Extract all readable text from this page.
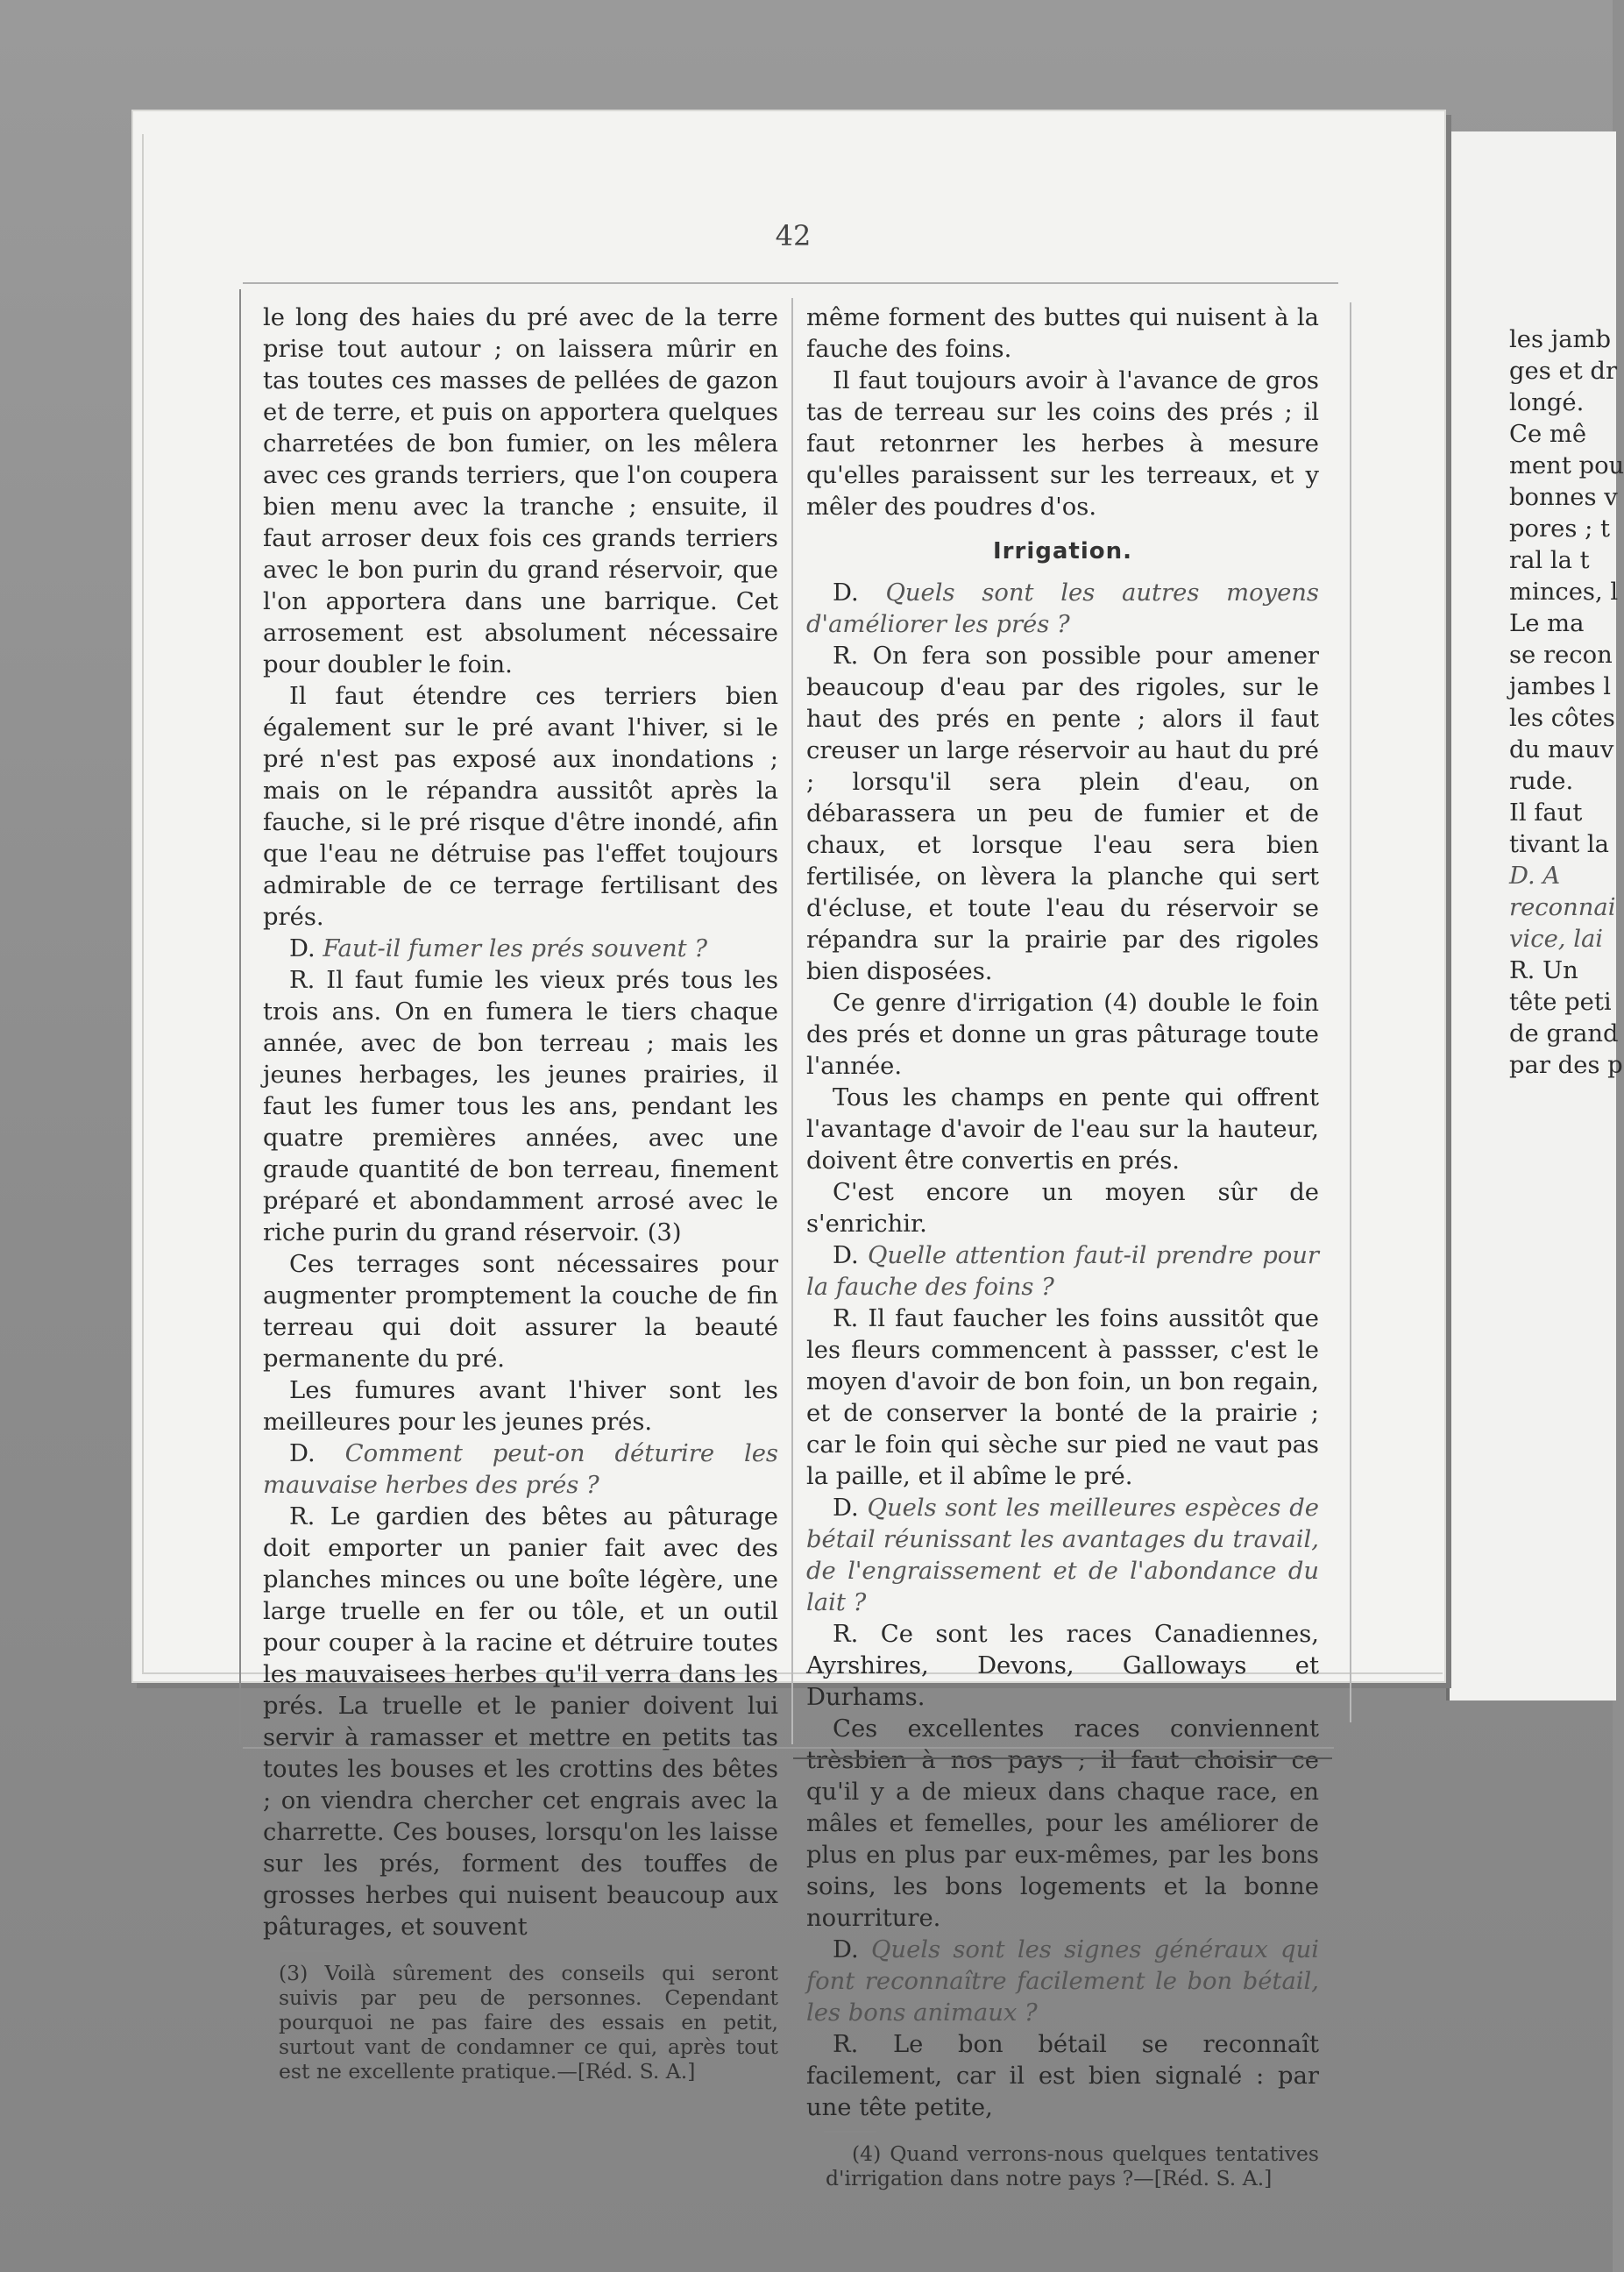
42

le long des haies du pré avec de la terre prise tout autour ; on laissera mûrir en tas toutes ces masses de pellées de gazon et de terre, et puis on apportera quelques charretées de bon fumier, on les mêlera avec ces grands terriers, que l'on coupera bien menu avec la tranche ; ensuite, il faut arroser deux fois ces grands terriers avec le bon purin du grand réservoir, que l'on apportera dans une barrique. Cet arrosement est absolument nécessaire pour doubler le foin.

Il faut étendre ces terriers bien également sur le pré avant l'hiver, si le pré n'est pas exposé aux inondations ; mais on le répandra aussitôt après la fauche, si le pré risque d'être inondé, afin que l'eau ne détruise pas l'effet toujours admirable de ce terrage fertilisant des prés.

D. Faut-il fumer les prés souvent ?

R. Il faut fumie les vieux prés tous les trois ans. On en fumera le tiers chaque année, avec de bon terreau ; mais les jeunes herbages, les jeunes prairies, il faut les fumer tous les ans, pendant les quatre premières années, avec une graude quantité de bon terreau, finement préparé et abondamment arrosé avec le riche purin du grand réservoir. (3)

Ces terrages sont nécessaires pour augmenter promptement la couche de fin terreau qui doit assurer la beauté permanente du pré.

Les fumures avant l'hiver sont les meilleures pour les jeunes prés.

D. Comment peut-on déturire les mauvaise herbes des prés ?

R. Le gardien des bêtes au pâturage doit emporter un panier fait avec des planches minces ou une boîte légère, une large truelle en fer ou tôle, et un outil pour couper à la racine et détruire toutes les mauvaisees herbes qu'il verra dans les prés. La truelle et le panier doivent lui servir à ramasser et mettre en petits tas toutes les bouses et les crottins des bêtes ; on viendra chercher cet engrais avec la charrette. Ces bouses, lorsqu'on les laisse sur les prés, forment des touffes de grosses herbes qui nuisent beaucoup aux pâturages, et souvent

(3) Voilà sûrement des conseils qui seront suivis par peu de personnes. Cependant pourquoi ne pas faire des essais en petit, surtout vant de condamner ce qui, après tout est ne excellente pratique.—[Réd. S. A.]

même forment des buttes qui nuisent à la fauche des foins.

Il faut toujours avoir à l'avance de gros tas de terreau sur les coins des prés ; il faut retonrner les herbes à mesure qu'elles paraissent sur les terreaux, et y mêler des poudres d'os.

Irrigation.

D. Quels sont les autres moyens d'améliorer les prés ?

R. On fera son possible pour amener beaucoup d'eau par des rigoles, sur le haut des prés en pente ; alors il faut creuser un large réservoir au haut du pré ; lorsqu'il sera plein d'eau, on débarassera un peu de fumier et de chaux, et lorsque l'eau sera bien fertilisée, on lèvera la planche qui sert d'écluse, et toute l'eau du réservoir se répandra sur la prairie par des rigoles bien disposées.

Ce genre d'irrigation (4) double le foin des prés et donne un gras pâturage toute l'année.

Tous les champs en pente qui offrent l'avantage d'avoir de l'eau sur la hauteur, doivent être convertis en prés.

C'est encore un moyen sûr de s'enrichir.

D. Quelle attention faut-il prendre pour la fauche des foins ?

R. Il faut faucher les foins aussitôt que les fleurs commencent à passser, c'est le moyen d'avoir de bon foin, un bon regain, et de conserver la bonté de la prairie ; car le foin qui sèche sur pied ne vaut pas la paille, et il abîme le pré.

D. Quels sont les meilleures espèces de bétail réunissant les avantages du travail, de l'engraissement et de l'abondance du lait ?

R. Ce sont les races Canadiennes, Ayrshires, Devons, Galloways et Durhams.

Ces excellentes races conviennent trèsbien à nos pays ; il faut choisir ce qu'il y a de mieux dans chaque race, en mâles et femelles, pour les améliorer de plus en plus par eux-mêmes, par les bons soins, les bons logements et la bonne nourriture.

D. Quels sont les signes généraux qui font reconnaître facilement le bon bétail, les bons animaux ?

R. Le bon bétail se reconnaît facilement, car il est bien signalé : par une tête petite,

(4) Quand verrons-nous quelques tentatives d'irrigation dans notre pays ?—[Réd. S. A.]

les jamb
ges et dr
longé.
Ce mê
ment pou
bonnes v
pores ; t
ral la t
minces, l
Le ma
se recon
jambes l
les côtes
du mauv
rude.
Il faut
tivant la
D. A
reconnai
vice, lai
R. Un
tête peti
de grand
par des p
